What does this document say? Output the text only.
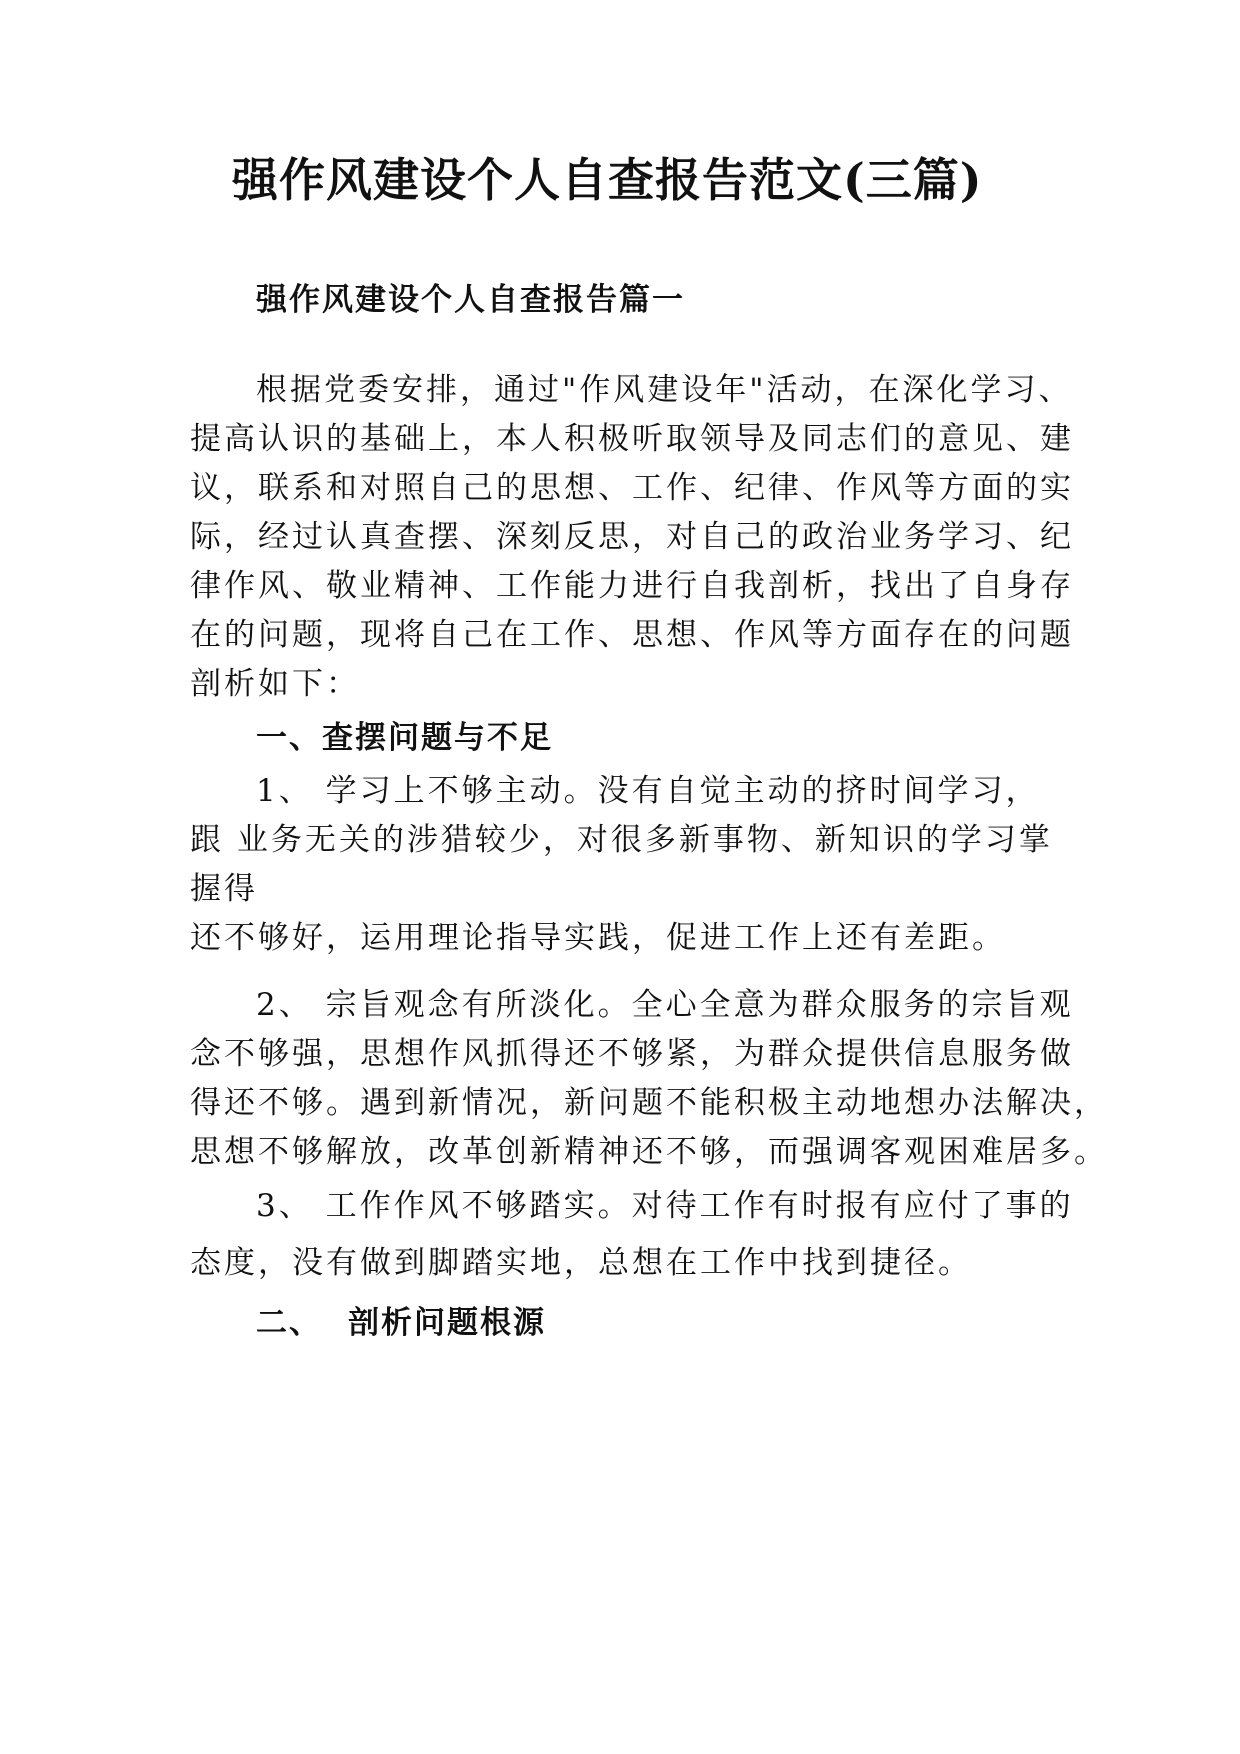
强作风建设个人自查报告范文(三篇)
强作风建设个人自查报告篇一
根据党委安排，通过"作风建设年"活动，在深化学习、
提高认识的基础上，本人积极听取领导及同志们的意见、建
议，联系和对照自己的思想、工作、纪律、作风等方面的实
际，经过认真查摆、深刻反思，对自己的政治业务学习、纪
律作风、敬业精神、工作能力进行自我剖析，找出了自身存
在的问题，现将自己在工作、思想、作风等方面存在的问题
剖析如下：
一、查摆问题与不足
1、 学习上不够主动。没有自觉主动的挤时间学习，
跟 业务无关的涉猎较少，对很多新事物、新知识的学习掌
握得
还不够好，运用理论指导实践，促进工作上还有差距。
2、 宗旨观念有所淡化。全心全意为群众服务的宗旨观
念不够强，思想作风抓得还不够紧，为群众提供信息服务做
得还不够。遇到新情况，新问题不能积极主动地想办法解决，
思想不够解放，改革创新精神还不够，而强调客观困难居多。
3、 工作作风不够踏实。对待工作有时报有应付了事的
态度，没有做到脚踏实地，总想在工作中找到捷径。
二、 剖析问题根源
